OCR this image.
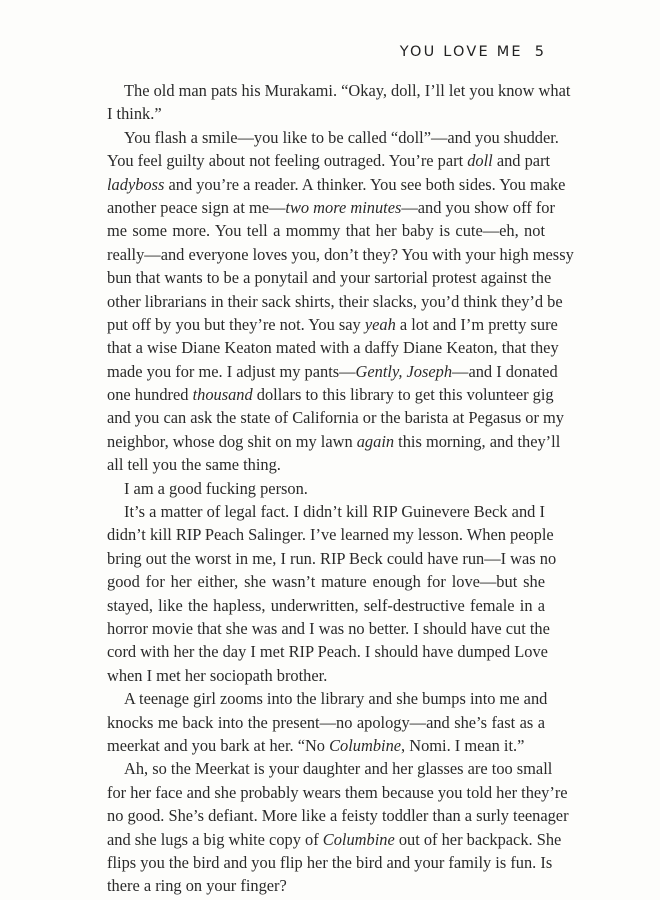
YOU LOVE ME 5
The old man pats his Murakami. “Okay, doll, I’ll let you know what
I think.”
You flash a smile—you like to be called “doll”—and you shudder.
You feel guilty about not feeling outraged. You’re part doll and part
ladyboss and you’re a reader. A thinker. You see both sides. You make
another peace sign at me—two more minutes—and you show off for
me some more. You tell a mommy that her baby is cute—eh, not
really—and everyone loves you, don’t they? You with your high messy
bun that wants to be a ponytail and your sartorial protest against the
other librarians in their sack shirts, their slacks, you’d think they’d be
put off by you but they’re not. You say yeah a lot and I’m pretty sure
that a wise Diane Keaton mated with a daffy Diane Keaton, that they
made you for me. I adjust my pants—Gently, Joseph—and I donated
one hundred thousand dollars to this library to get this volunteer gig
and you can ask the state of California or the barista at Pegasus or my
neighbor, whose dog shit on my lawn again this morning, and they’ll
all tell you the same thing.
I am a good fucking person.
It’s a matter of legal fact. I didn’t kill RIP Guinevere Beck and I
didn’t kill RIP Peach Salinger. I’ve learned my lesson. When people
bring out the worst in me, I run. RIP Beck could have run—I was no
good for her either, she wasn’t mature enough for love—but she
stayed, like the hapless, underwritten, self-destructive female in a
horror movie that she was and I was no better. I should have cut the
cord with her the day I met RIP Peach. I should have dumped Love
when I met her sociopath brother.
A teenage girl zooms into the library and she bumps into me and
knocks me back into the present—no apology—and she’s fast as a
meerkat and you bark at her. “No Columbine, Nomi. I mean it.”
Ah, so the Meerkat is your daughter and her glasses are too small
for her face and she probably wears them because you told her they’re
no good. She’s defiant. More like a feisty toddler than a surly teenager
and she lugs a big white copy of Columbine out of her backpack. She
flips you the bird and you flip her the bird and your family is fun. Is
there a ring on your finger?
